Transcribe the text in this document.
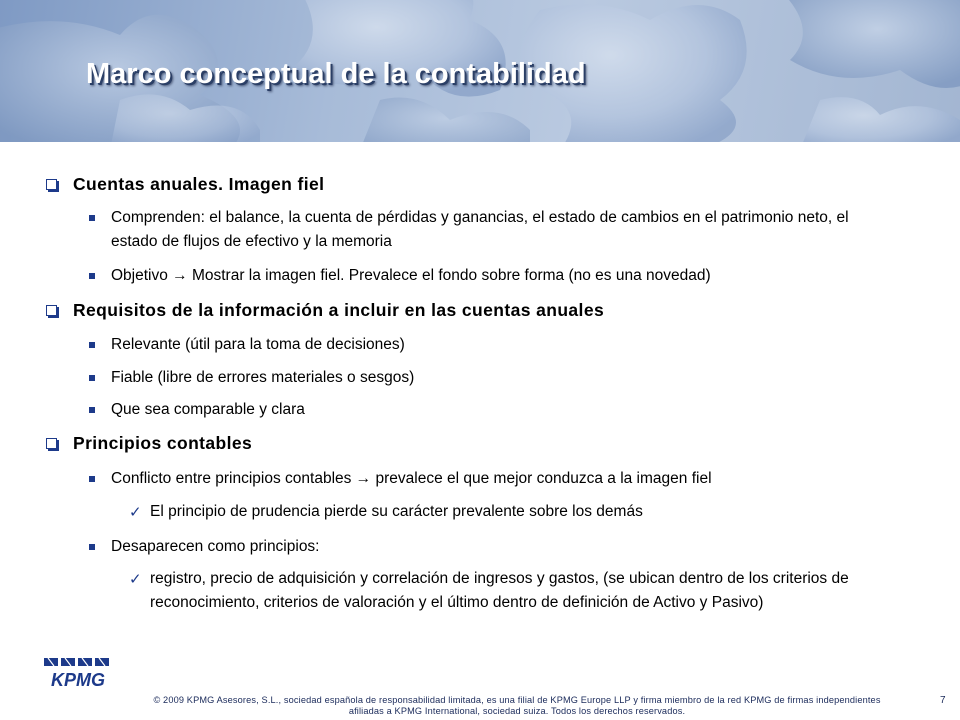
Marco conceptual de la contabilidad
Cuentas anuales. Imagen fiel
Comprenden: el balance, la cuenta de pérdidas y ganancias, el estado de cambios en el patrimonio neto, el estado de flujos de efectivo y la memoria
Objetivo → Mostrar la imagen fiel. Prevalece el fondo sobre forma (no es una novedad)
Requisitos de la información a incluir en las cuentas anuales
Relevante (útil para la toma de decisiones)
Fiable (libre de errores materiales o sesgos)
Que sea comparable y clara
Principios contables
Conflicto entre principios contables → prevalece el que mejor conduzca a la imagen fiel
✓ El principio de prudencia pierde su carácter prevalente sobre los demás
Desaparecen como principios:
✓ registro, precio de adquisición y correlación de ingresos y gastos, (se ubican dentro de los criterios de reconocimiento, criterios de valoración y el último dentro de definición de Activo y Pasivo)
KPMG
© 2009 KPMG Asesores, S.L., sociedad española de responsabilidad limitada, es una filial de KPMG Europe LLP y firma miembro de la red KPMG de firmas independientes afiliadas a KPMG International, sociedad suiza. Todos los derechos reservados.
7
